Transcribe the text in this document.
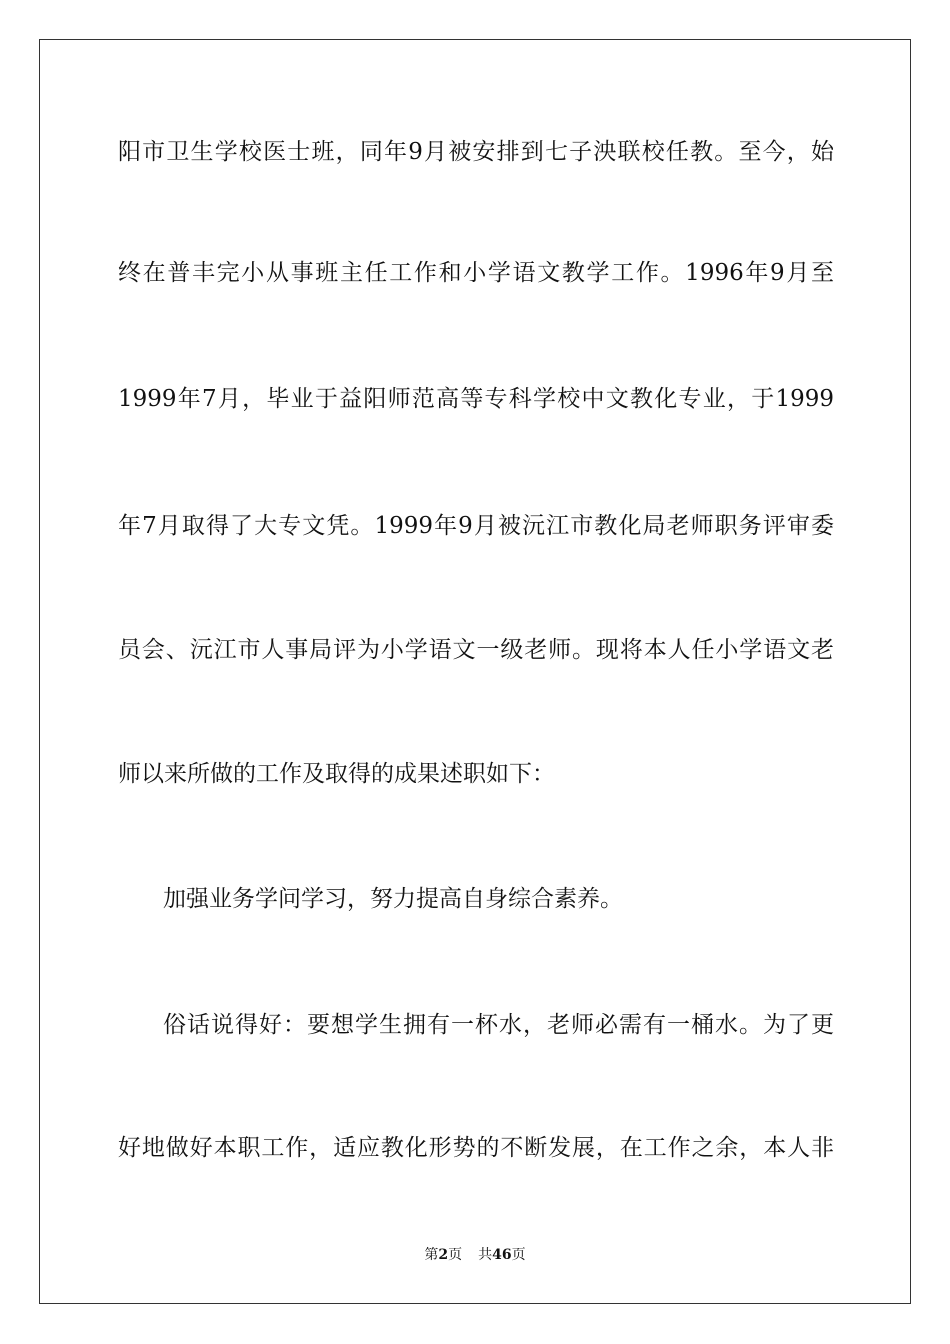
阳市卫生学校医士班，同年9月被安排到七子泱联校任教。至今，始
终在普丰完小从事班主任工作和小学语文教学工作。1996年9月至
1999年7月，毕业于益阳师范高等专科学校中文教化专业，于1999
年7月取得了大专文凭。1999年9月被沅江市教化局老师职务评审委
员会、沅江市人事局评为小学语文一级老师。现将本人任小学语文老
师以来所做的工作及取得的成果述职如下：
加强业务学问学习，努力提高自身综合素养。
俗话说得好：要想学生拥有一杯水，老师必需有一桶水。为了更
好地做好本职工作，适应教化形势的不断发展，在工作之余，本人非
第2页 共46页
